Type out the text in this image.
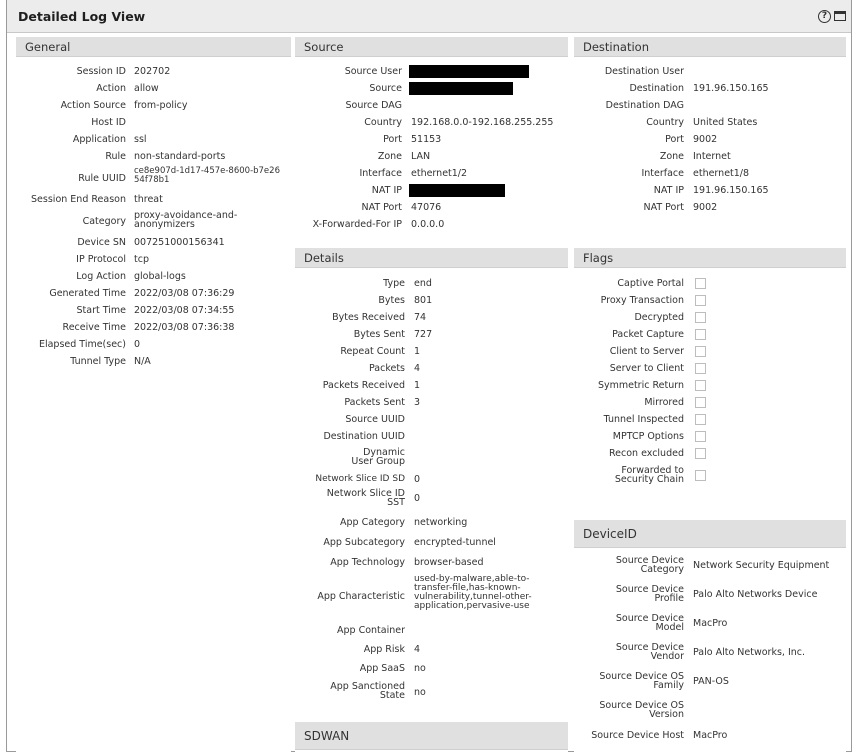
Detailed Log View	?
General
Session ID 202702
Action allow
Action Source from-policy
Host ID
Application ssl
Rule non-standard-ports
Rule UUID
ce8e907d-1d17-457e-8600-b7e2654f78b1
Session End Reason threat
Category
proxy-avoidance-and-anonymizers
Device SN 007251000156341
IP Protocol tcp
Log Action global-logs
Generated Time 2022/03/08 07:36:29
Start Time 2022/03/08 07:34:55
Receive Time 2022/03/08 07:36:38
Elapsed Time(sec) 0
Tunnel Type N/A
Source
Source User
Source
Source DAG
Country 192.168.0.0-192.168.255.255
Port 51153
Zone LAN
Interface ethernet1/2
NAT IP
NAT Port 47076
X-Forwarded-For IP 0.0.0.0
Destination
Destination User
Destination 191.96.150.165
Destination DAG
Country United States
Port 9002
Zone Internet
Interface ethernet1/8
NAT IP 191.96.150.165
NAT Port 9002
Details
Type end
Bytes 801
Bytes Received 74
Bytes Sent 727
Repeat Count 1
Packets 4
Packets Received 1
Packets Sent 3
Source UUID
Destination UUID
Dynamic User Group
Network Slice ID SD 0
Network Slice ID SST 0
App Category networking
App Subcategory encrypted-tunnel
App Technology browser-based
App Characteristic
used-by-malware,able-to-transfer-file,has-known-vulnerability,tunnel-other-application,pervasive-use
App Container
App Risk 4
App SaaS no
App Sanctioned State no
SDWAN
Flags
Captive Portal
Proxy Transaction
Decrypted
Packet Capture
Client to Server
Server to Client
Symmetric Return
Mirrored
Tunnel Inspected
MPTCP Options
Recon excluded
Forwarded to Security Chain
DeviceID
Source Device Category Network Security Equipment
Source Device Profile Palo Alto Networks Device
Source Device Model MacPro
Source Device Vendor Palo Alto Networks, Inc.
Source Device OS Family PAN-OS
Source Device OS Version
Source Device Host MacPro
